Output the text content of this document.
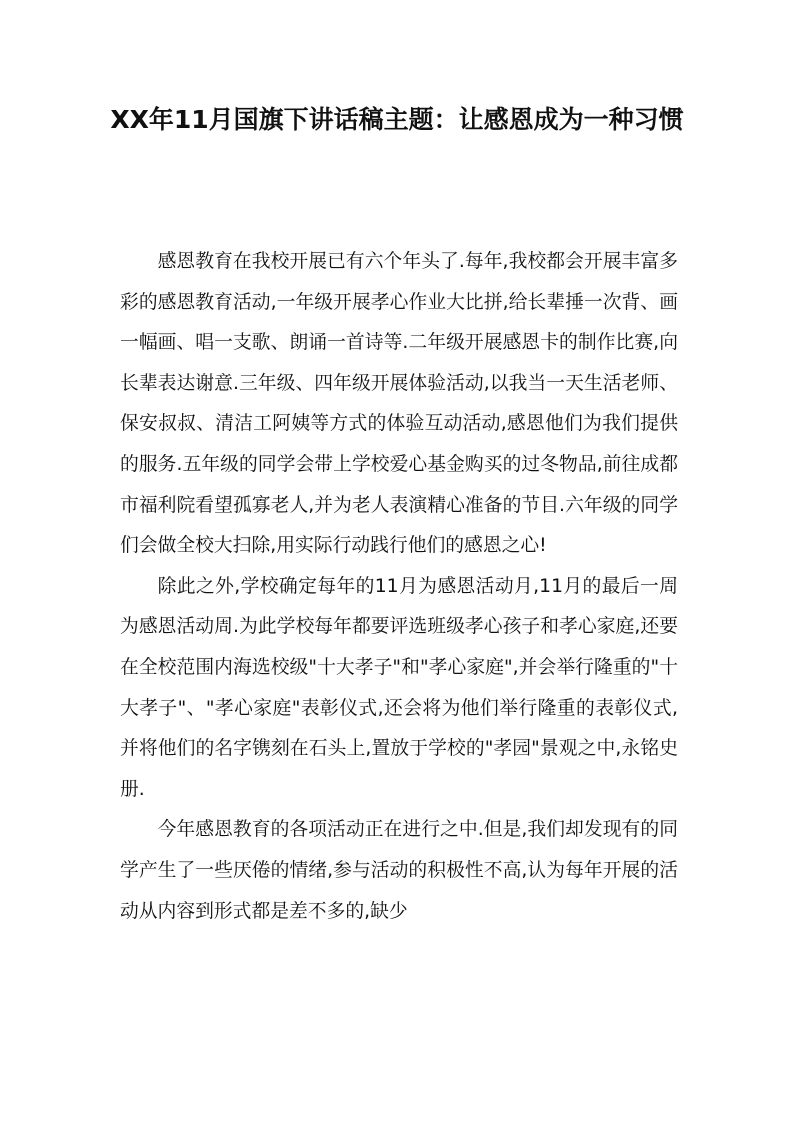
XX年11月国旗下讲话稿主题：让感恩成为一种习惯

感恩教育在我校开展已有六个年头了.每年,我校都会开展丰富多彩的感恩教育活动,一年级开展孝心作业大比拼,给长辈捶一次背、画一幅画、唱一支歌、朗诵一首诗等.二年级开展感恩卡的制作比赛,向长辈表达谢意.三年级、四年级开展体验活动,以我当一天生活老师、保安叔叔、清洁工阿姨等方式的体验互动活动,感恩他们为我们提供的服务.五年级的同学会带上学校爱心基金购买的过冬物品,前往成都市福利院看望孤寡老人,并为老人表演精心准备的节目.六年级的同学们会做全校大扫除,用实际行动践行他们的感恩之心!

除此之外,学校确定每年的11月为感恩活动月,11月的最后一周为感恩活动周.为此学校每年都要评选班级孝心孩子和孝心家庭,还要在全校范围内海选校级"十大孝子"和"孝心家庭",并会举行隆重的"十大孝子"、"孝心家庭"表彰仪式,还会将为他们举行隆重的表彰仪式,并将他们的名字镌刻在石头上,置放于学校的"孝园"景观之中,永铭史册.

今年感恩教育的各项活动正在进行之中.但是,我们却发现有的同学产生了一些厌倦的情绪,参与活动的积极性不高,认为每年开展的活动从内容到形式都是差不多的,缺少
